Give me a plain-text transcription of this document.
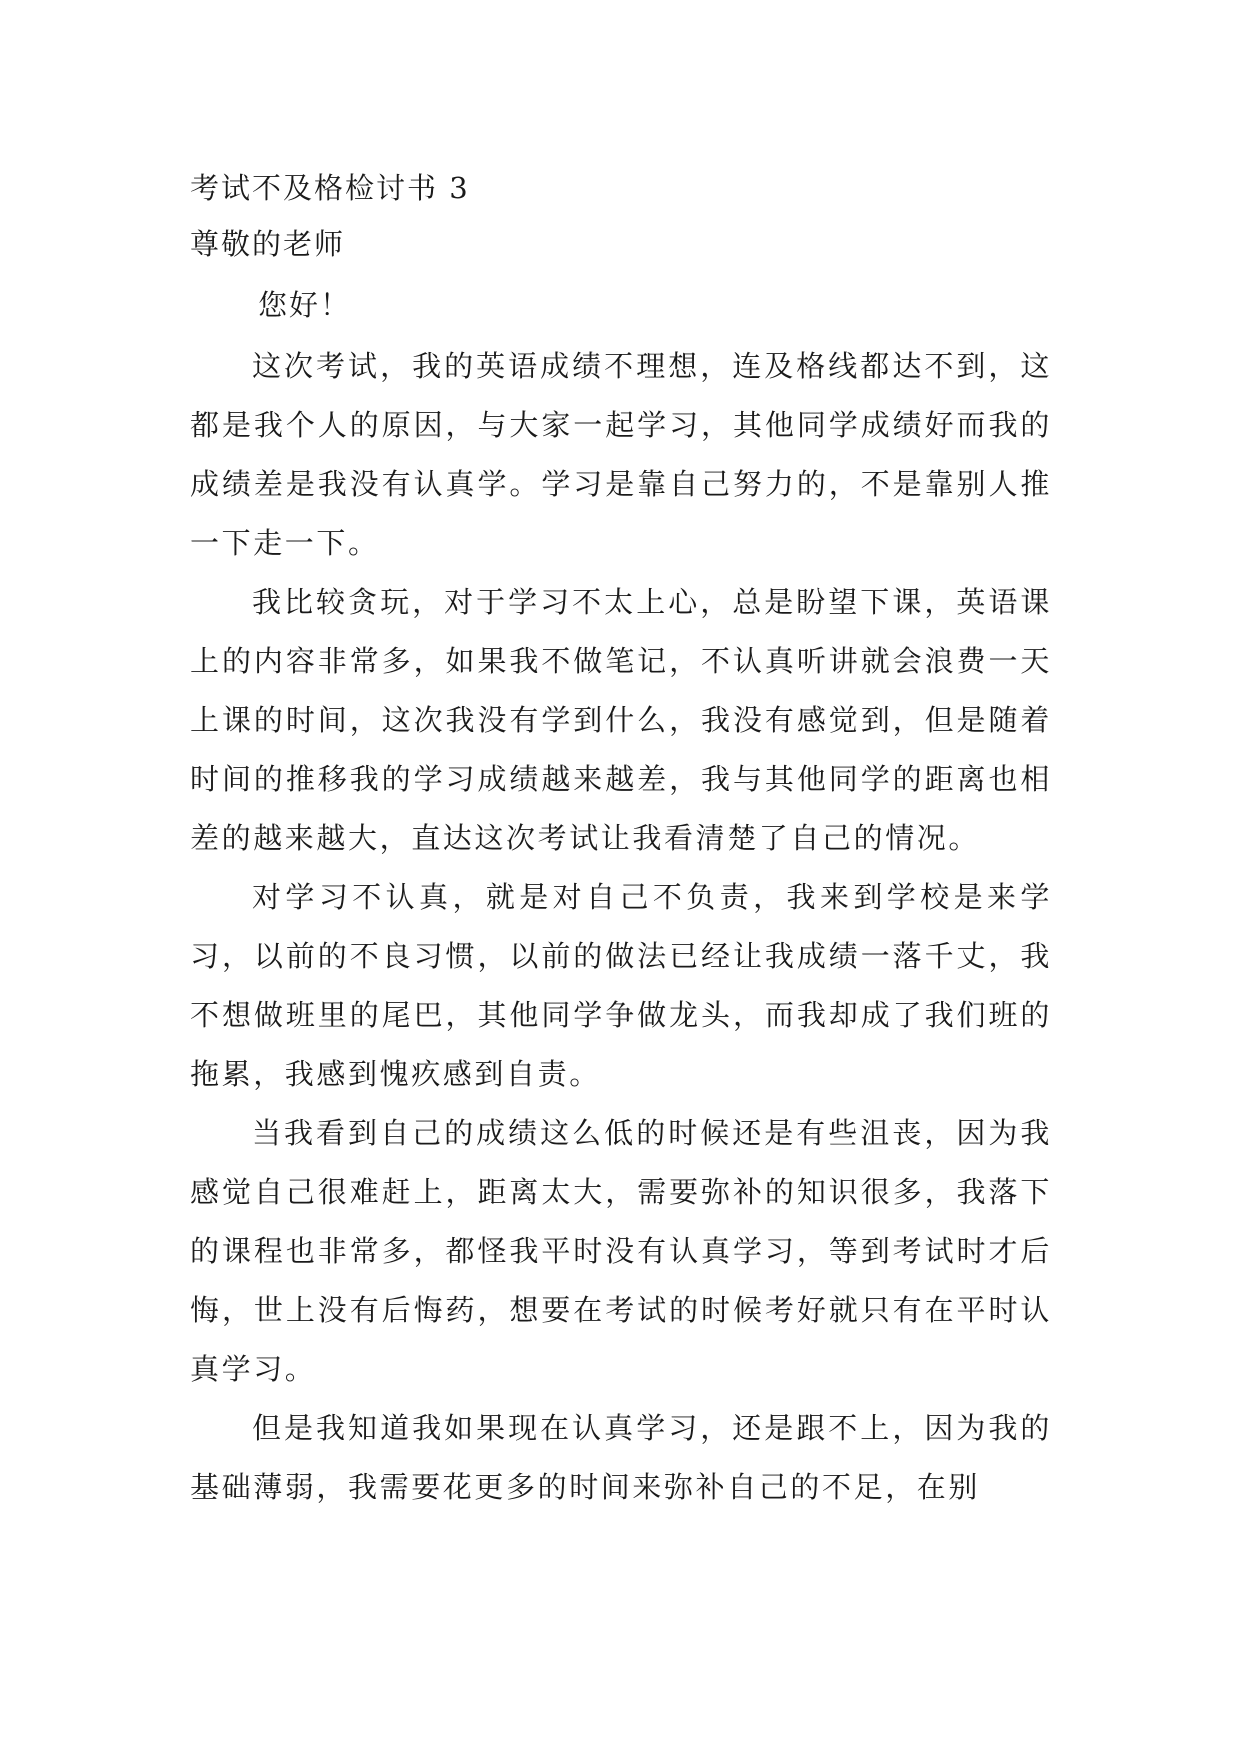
考试不及格检讨书 3
尊敬的老师
您好！

这次考试，我的英语成绩不理想，连及格线都达不到，这都是我个人的原因，与大家一起学习，其他同学成绩好而我的成绩差是我没有认真学。学习是靠自己努力的，不是靠别人推一下走一下。

我比较贪玩，对于学习不太上心，总是盼望下课，英语课上的内容非常多，如果我不做笔记，不认真听讲就会浪费一天上课的时间，这次我没有学到什么，我没有感觉到，但是随着时间的推移我的学习成绩越来越差，我与其他同学的距离也相差的越来越大，直达这次考试让我看清楚了自己的情况。

对学习不认真，就是对自己不负责，我来到学校是来学习，以前的不良习惯，以前的做法已经让我成绩一落千丈，我不想做班里的尾巴，其他同学争做龙头，而我却成了我们班的拖累，我感到愧疚感到自责。

当我看到自己的成绩这么低的时候还是有些沮丧，因为我感觉自己很难赶上，距离太大，需要弥补的知识很多，我落下的课程也非常多，都怪我平时没有认真学习，等到考试时才后悔，世上没有后悔药，想要在考试的时候考好就只有在平时认真学习。

但是我知道我如果现在认真学习，还是跟不上，因为我的基础薄弱，我需要花更多的时间来弥补自己的不足，在别
